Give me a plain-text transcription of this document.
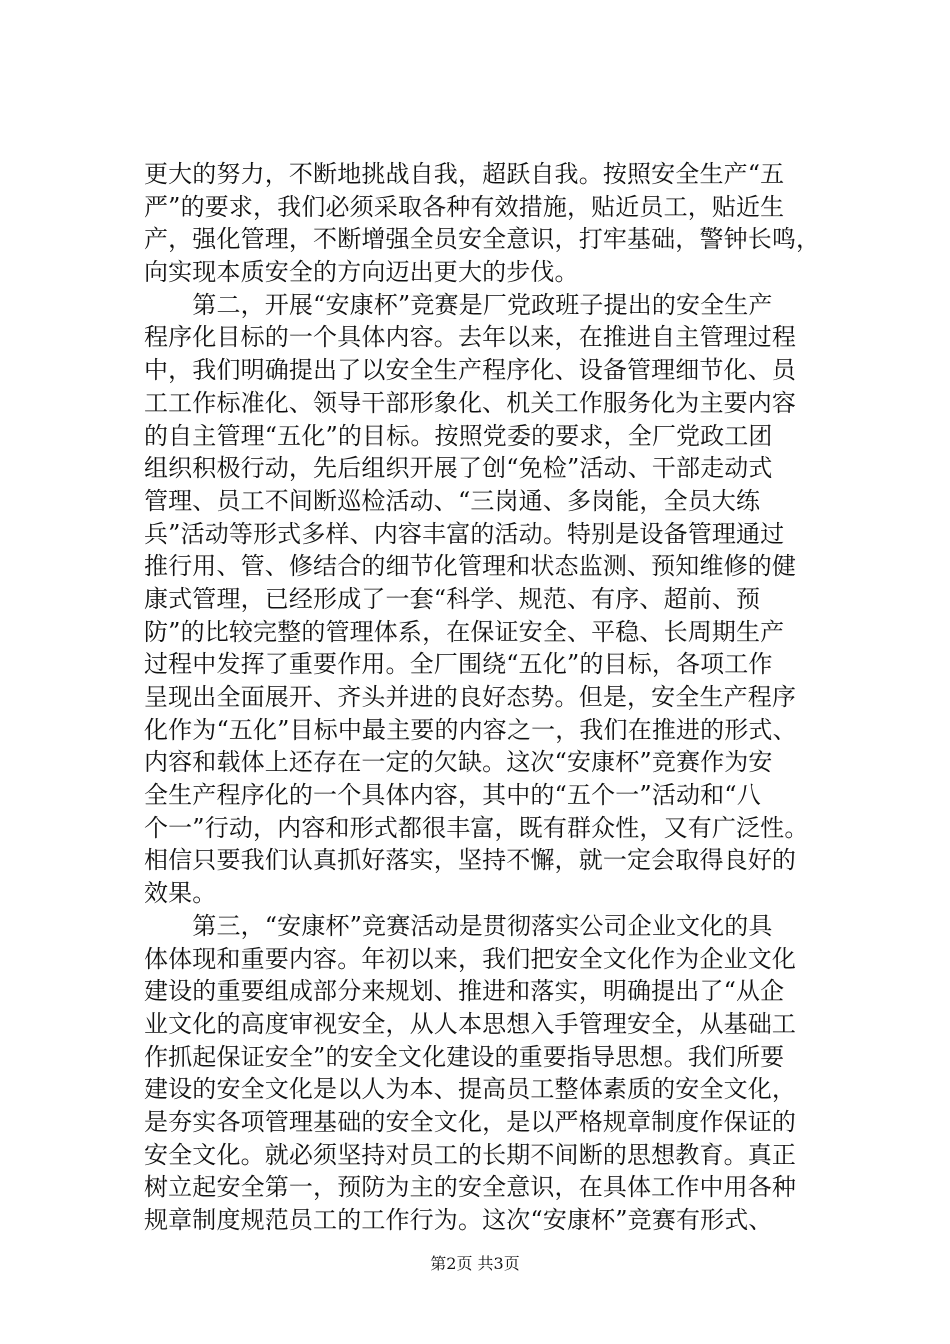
更大的努力，不断地挑战自我，超跃自我。按照安全生产“五
严”的要求，我们必须采取各种有效措施，贴近员工，贴近生
产，强化管理，不断增强全员安全意识，打牢基础，警钟长鸣，
向实现本质安全的方向迈出更大的步伐。
　　第二，开展“安康杯”竞赛是厂党政班子提出的安全生产
程序化目标的一个具体内容。去年以来，在推进自主管理过程
中，我们明确提出了以安全生产程序化、设备管理细节化、员
工工作标准化、领导干部形象化、机关工作服务化为主要内容
的自主管理“五化”的目标。按照党委的要求，全厂党政工团
组织积极行动，先后组织开展了创“免检”活动、干部走动式
管理、员工不间断巡检活动、“三岗通、多岗能，全员大练
兵”活动等形式多样、内容丰富的活动。特别是设备管理通过
推行用、管、修结合的细节化管理和状态监测、预知维修的健
康式管理，已经形成了一套“科学、规范、有序、超前、预
防”的比较完整的管理体系，在保证安全、平稳、长周期生产
过程中发挥了重要作用。全厂围绕“五化”的目标，各项工作
呈现出全面展开、齐头并进的良好态势。但是，安全生产程序
化作为“五化”目标中最主要的内容之一，我们在推进的形式、
内容和载体上还存在一定的欠缺。这次“安康杯”竞赛作为安
全生产程序化的一个具体内容，其中的“五个一”活动和“八
个一”行动，内容和形式都很丰富，既有群众性，又有广泛性。
相信只要我们认真抓好落实，坚持不懈，就一定会取得良好的
效果。
　　第三，“安康杯”竞赛活动是贯彻落实公司企业文化的具
体体现和重要内容。年初以来，我们把安全文化作为企业文化
建设的重要组成部分来规划、推进和落实，明确提出了“从企
业文化的高度审视安全，从人本思想入手管理安全，从基础工
作抓起保证安全”的安全文化建设的重要指导思想。我们所要
建设的安全文化是以人为本、提高员工整体素质的安全文化，
是夯实各项管理基础的安全文化，是以严格规章制度作保证的
安全文化。就必须坚持对员工的长期不间断的思想教育。真正
树立起安全第一，预防为主的安全意识，在具体工作中用各种
规章制度规范员工的工作行为。这次“安康杯”竞赛有形式、
第2页 共3页
